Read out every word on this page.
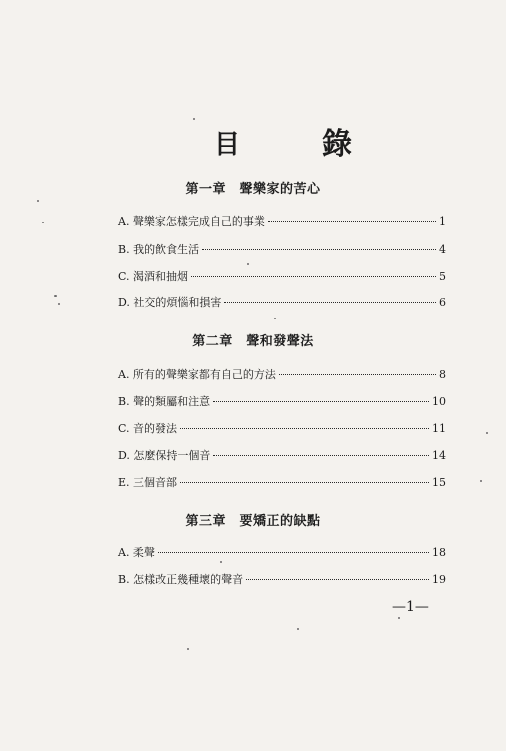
目	錄
第一章　聲樂家的苦心
A. 聲樂家怎樣完成自己的事業	1
B. 我的飲食生活	4
C. 渴酒和抽烟	5
D. 社交的煩惱和損害	6
第二章　聲和發聲法
A. 所有的聲樂家都有自己的方法	8
B. 聲的類屬和注意	10
C. 音的發法	11
D. 怎麼保持一個音	14
E. 三個音部	15
第三章　要矯正的缺點
A. 柔聲	18
B. 怎樣改正幾種壞的聲音	19
—1—
